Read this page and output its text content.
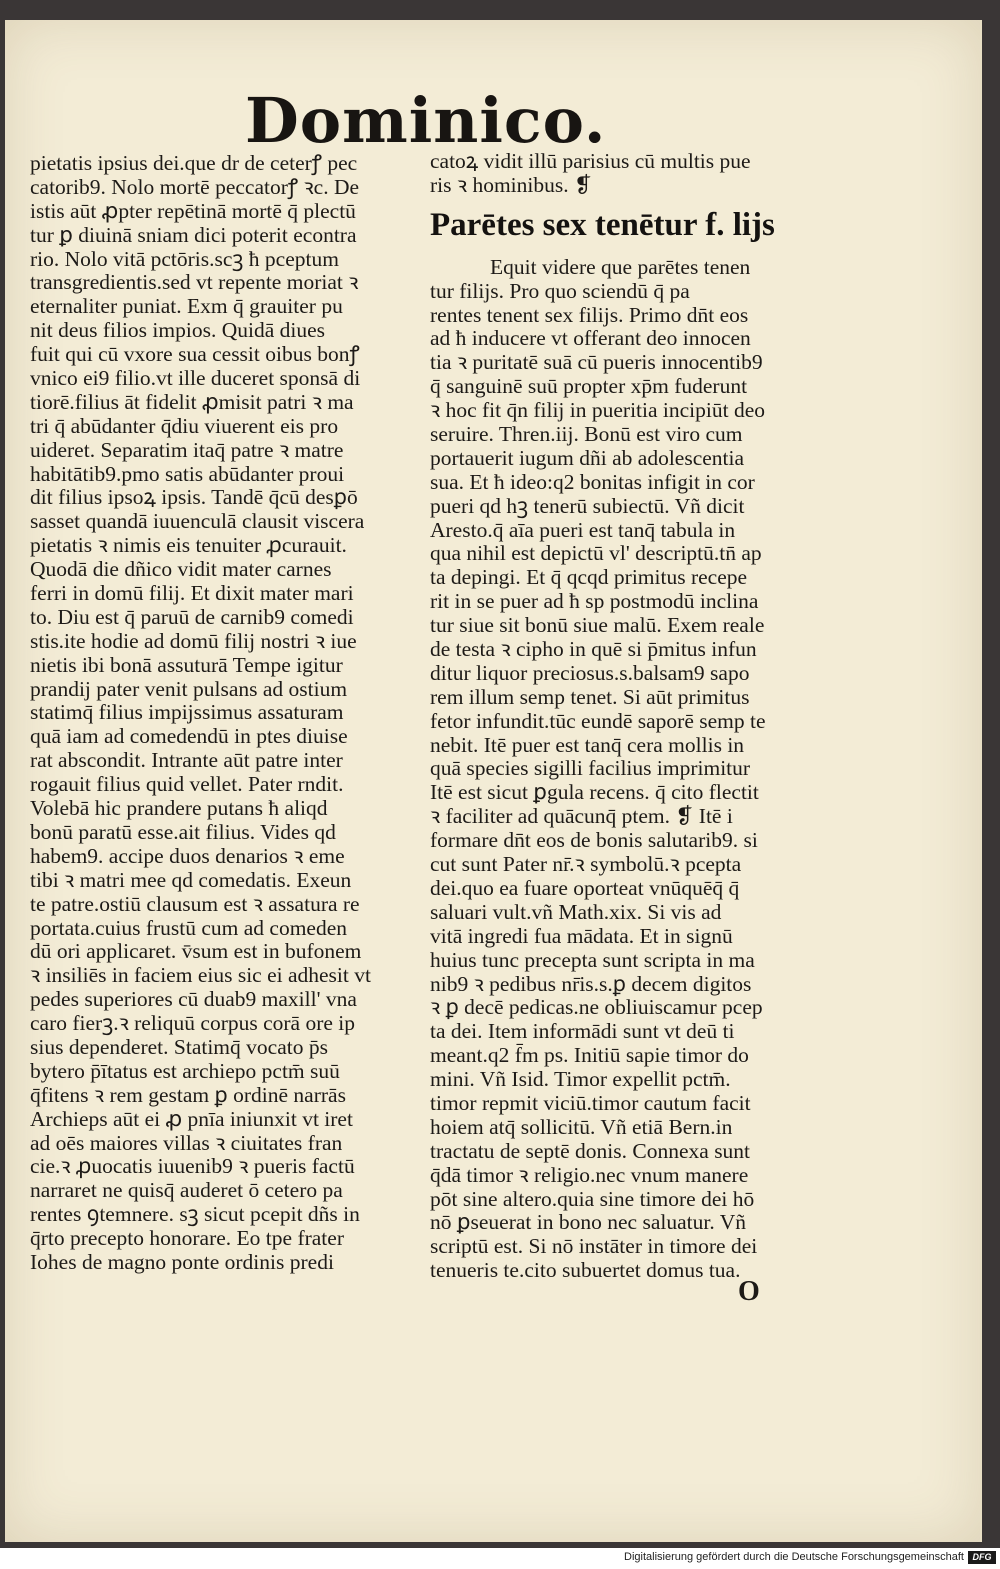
Dominico.
pietatis ipsius dei.que dr de ceterꝭ pec
catorib9. Nolo mortē peccatorꝭ ꝛc. De
istis aūt ꝓpter repētinā mortē q̄ plectū
tur ꝑ diuinā sniam dici poterit econtra
rio. Nolo vitā pctōris.scꝫ ħ pceptum
transgredientis.sed vt repente moriat ꝛ
eternaliter puniat. Exm q̄ grauiter pu
nit deus filios impios. Quidā diues
fuit qui cū vxore sua cessit oibus bonꝭ
vnico ei9 filio.vt ille duceret sponsā di
tiorē.filius āt fidelit ꝓmisit patri ꝛ ma
tri q̄ abūdanter q̄diu viuerent eis pro
uideret. Separatim itaq̄ patre ꝛ matre
habitātib9.pmo satis abūdanter proui
dit filius ipsoꝝ ipsis. Tandē q̄cū desꝑō
sasset quandā iuuenculā clausit viscera
pietatis ꝛ nimis eis tenuiter ꝓcurauit.
Quodā die dñico vidit mater carnes
ferri in domū filij. Et dixit mater mari
to. Diu est q̄ paruū de carnib9 comedi
stis.ite hodie ad domū filij nostri ꝛ iue
nietis ibi bonā assuturā Tempe igitur
prandij pater venit pulsans ad ostium
statimq̄ filius impijssimus assaturam
quā iam ad comedendū in ptes diuise
rat abscondit. Intrante aūt patre inter
rogauit filius quid vellet. Pater rndit.
Volebā hic prandere putans ħ aliqd
bonū paratū esse.ait filius. Vides qd
habem9. accipe duos denarios ꝛ eme
tibi ꝛ matri mee qd comedatis. Exeun
te patre.ostiū clausum est ꝛ assatura re
portata.cuius frustū cum ad comeden
dū ori applicaret. v̄sum est in bufonem
ꝛ insiliēs in faciem eius sic ei adhesit vt
pedes superiores cū duab9 maxill' vna
caro fierꝫ.ꝛ reliquū corpus corā ore ip
sius dependeret. Statimq̄ vocato p̄s
bytero p̄ītatus est archiepo pctm̄ suū
q̄fitens ꝛ rem gestam ꝑ ordinē narrās
Archieps aūt ei ꝓ pnīa iniunxit vt iret
ad oēs maiores villas ꝛ ciuitates fran
cie.ꝛ ꝓuocatis iuuenib9 ꝛ pueris factū
narraret ne quisq̄ auderet ō cetero pa
rentes ꝯtemnere. sꝫ sicut pcepit dñs in
q̄rto precepto honorare. Eo tpe frater
Iohes de magno ponte ordinis predi
catoꝝ vidit illū parisius cū multis pue
ris ꝛ hominibus. ❡
Parētes sex tenētur f. lijs
Equit videre que parētes tenen
tur filijs. Pro quo sciendū q̄ pa
rentes tenent sex filijs. Primo dn̄t eos
ad ħ inducere vt offerant deo innocen
tia ꝛ puritatē suā cū pueris innocentib9
q̄ sanguinē suū propter xp̄m fuderunt
ꝛ hoc fit q̄n filij in pueritia incipiūt deo
seruire. Thren.iij. Bonū est viro cum
portauerit iugum dñi ab adolescentia
sua. Et ħ ideo:q2 bonitas infigit in cor
pueri qd hꝫ tenerū subiectū. Vñ dicit
Aresto.q̄ aīa pueri est tanq̄ tabula in
qua nihil est depictū vl' descriptū.tn̄ ap
ta depingi. Et q̄ qcqd primitus recepe
rit in se puer ad ħ sp postmodū inclina
tur siue sit bonū siue malū. Exem reale
de testa ꝛ cipho in quē si p̄mitus infun
ditur liquor preciosus.s.balsam9 sapo
rem illum semp tenet. Si aūt primitus
fetor infundit.tūc eundē saporē semp te
nebit. Itē puer est tanq̄ cera mollis in
quā species sigilli facilius imprimitur
Itē est sicut ꝑgula recens. q̄ cito flectit
ꝛ faciliter ad quācunq̄ ptem. ❡ Itē i
formare dn̄t eos de bonis salutarib9. si
cut sunt Pater nr̄.ꝛ symbolū.ꝛ pcepta
dei.quo ea fuare oporteat vnūquēq̄ q̄
saluari vult.vñ Math.xix. Si vis ad
vitā ingredi fua mādata. Et in signū
huius tunc precepta sunt scripta in ma
nib9 ꝛ pedibus nr̄is.s.ꝑ decem digitos
ꝛ ꝑ decē pedicas.ne obliuiscamur pcep
ta dei. Item informādi sunt vt deū ti
meant.q2 f̄m ps. Initiū sapie timor do
mini. Vñ Isid. Timor expellit pctm̄.
timor repmit viciū.timor cautum facit
hoiem atq̄ sollicitū. Vñ etiā Bern.in
tractatu de septē donis. Connexa sunt
q̄dā timor ꝛ religio.nec vnum manere
pōt sine altero.quia sine timore dei hō
nō ꝑseuerat in bono nec saluatur. Vñ
scriptū est. Si nō instāter in timore dei
tenueris te.cito subuertet domus tua.
O
Digitalisierung gefördert durch die Deutsche Forschungsgemeinschaft DFG
